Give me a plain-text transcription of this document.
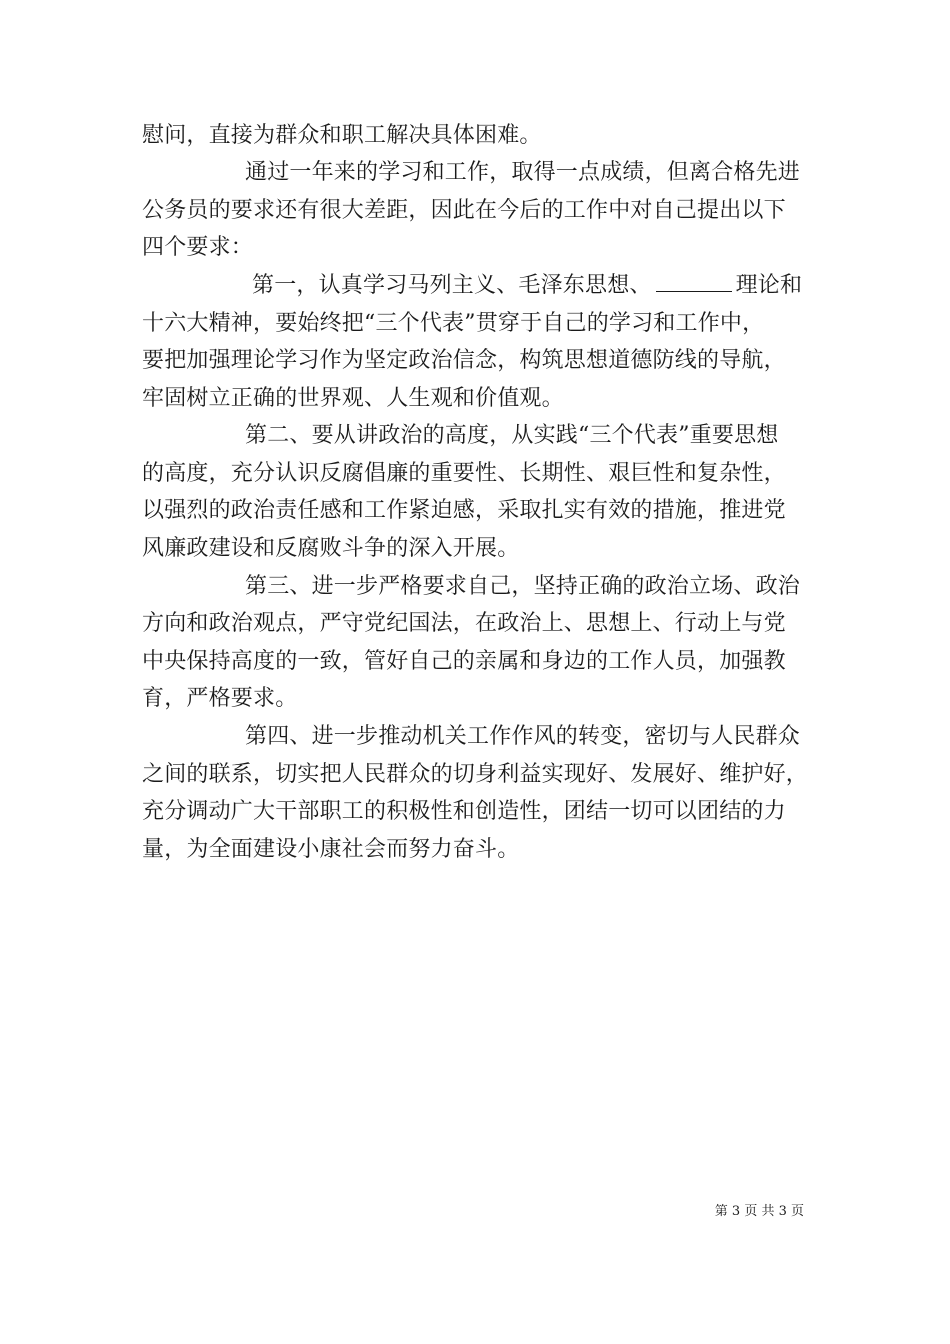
慰问，直接为群众和职工解决具体困难。
通过一年来的学习和工作，取得一点成绩，但离合格先进
公务员的要求还有很大差距，因此在今后的工作中对自己提出以下
四个要求：
第一，认真学习马列主义、毛泽东思想、	理论和
十六大精神，要始终把“三个代表”贯穿于自己的学习和工作中，
要把加强理论学习作为坚定政治信念，构筑思想道德防线的导航，
牢固树立正确的世界观、人生观和价值观。
第二、要从讲政治的高度，从实践“三个代表”重要思想
的高度，充分认识反腐倡廉的重要性、长期性、艰巨性和复杂性，
以强烈的政治责任感和工作紧迫感，采取扎实有效的措施，推进党
风廉政建设和反腐败斗争的深入开展。
第三、进一步严格要求自己，坚持正确的政治立场、政治
方向和政治观点，严守党纪国法，在政治上、思想上、行动上与党
中央保持高度的一致，管好自己的亲属和身边的工作人员，加强教
育，严格要求。
第四、进一步推动机关工作作风的转变，密切与人民群众
之间的联系，切实把人民群众的切身利益实现好、发展好、维护好，
充分调动广大干部职工的积极性和创造性，团结一切可以团结的力
量，为全面建设小康社会而努力奋斗。
第 3 页 共 3 页
